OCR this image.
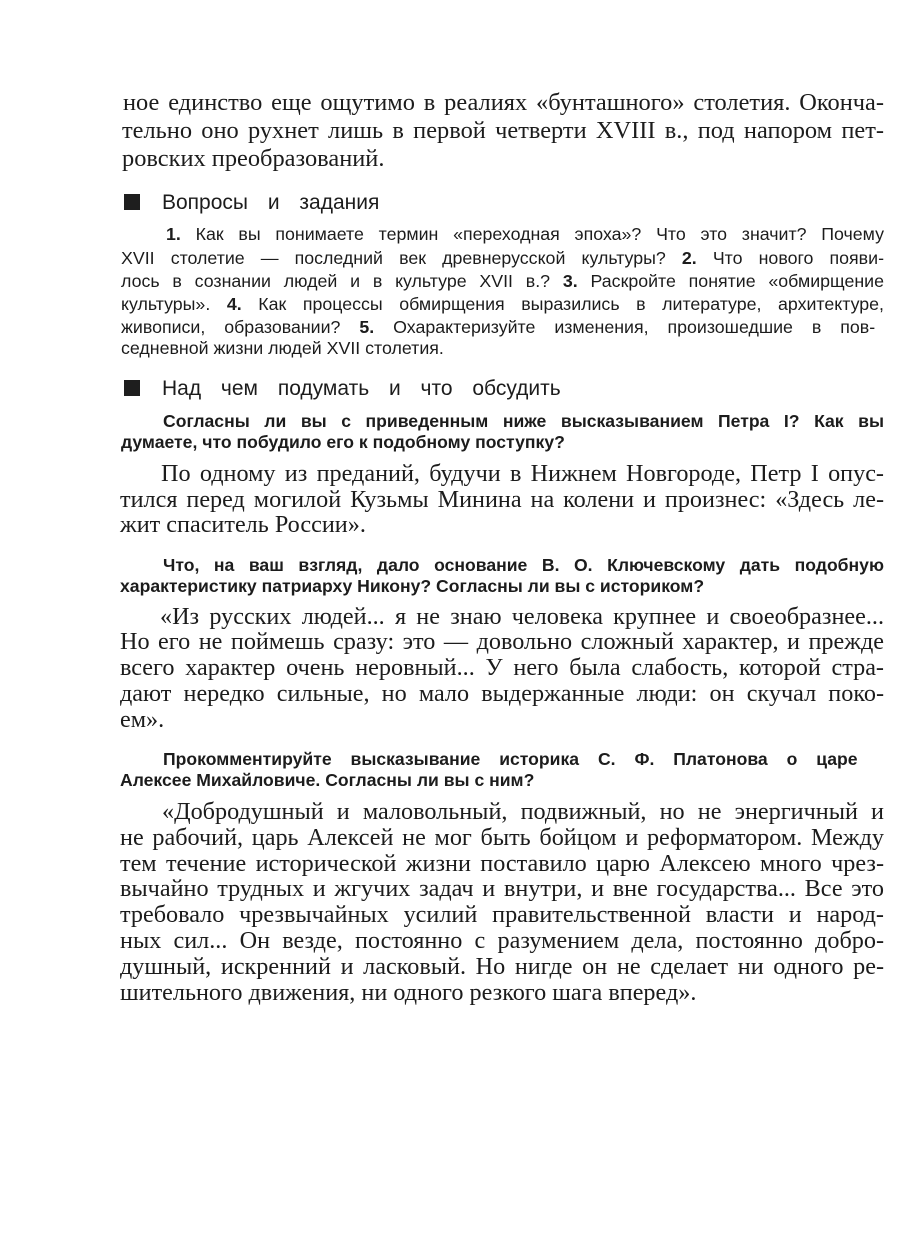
ное единство еще ощутимо в реалиях «бунташного» столетия. Оконча-
тельно оно рухнет лишь в первой четверти XVIII в., под напором пет-
ровских преобразований.
Вопросы и задания
1. Как вы понимаете термин «переходная эпоха»? Что это значит? Почему
XVII столетие — последний век древнерусской культуры? 2. Что нового появи-
лось в сознании людей и в культуре XVII в.? 3. Раскройте понятие «обмирщение
культуры». 4. Как процессы обмирщения выразились в литературе, архитектуре,
живописи, образовании? 5. Охарактеризуйте изменения, произошедшие в пов-
седневной жизни людей XVII столетия.
Над чем подумать и что обсудить
Согласны ли вы с приведенным ниже высказыванием Петра I? Как вы
думаете, что побудило его к подобному поступку?
По одному из преданий, будучи в Нижнем Новгороде, Петр I опус-
тился перед могилой Кузьмы Минина на колени и произнес: «Здесь ле-
жит спаситель России».
Что, на ваш взгляд, дало основание В. О. Ключевскому дать подобную
характеристику патриарху Никону? Согласны ли вы с историком?
«Из русских людей... я не знаю человека крупнее и своеобразнее...
Но его не поймешь сразу: это — довольно сложный характер, и прежде
всего характер очень неровный... У него была слабость, которой стра-
дают нередко сильные, но мало выдержанные люди: он скучал поко-
ем».
Прокомментируйте высказывание историка С. Ф. Платонова о царе
Алексее Михайловиче. Согласны ли вы с ним?
«Добродушный и маловольный, подвижный, но не энергичный и
не рабочий, царь Алексей не мог быть бойцом и реформатором. Между
тем течение исторической жизни поставило царю Алексею много чрез-
вычайно трудных и жгучих задач и внутри, и вне государства... Все это
требовало чрезвычайных усилий правительственной власти и народ-
ных сил... Он везде, постоянно с разумением дела, постоянно добро-
душный, искренний и ласковый. Но нигде он не сделает ни одного ре-
шительного движения, ни одного резкого шага вперед».
